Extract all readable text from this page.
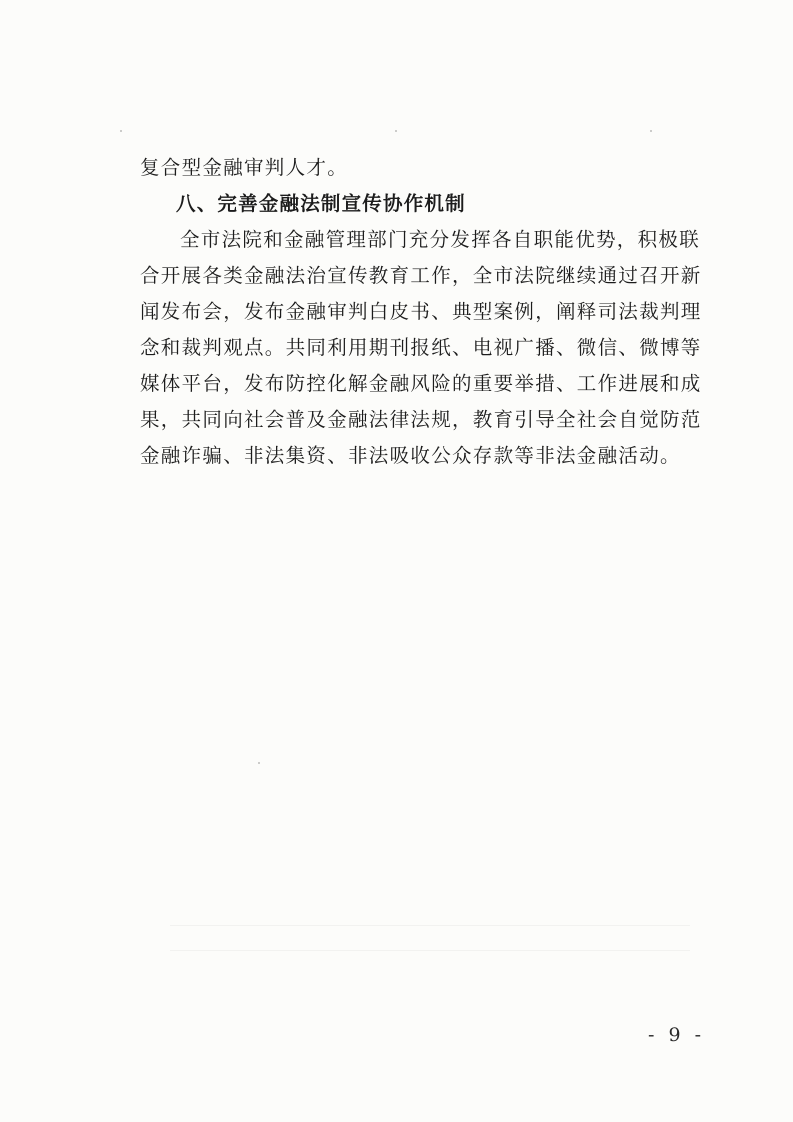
复合型金融审判人才。
八、完善金融法制宣传协作机制
全市法院和金融管理部门充分发挥各自职能优势，积极联
合开展各类金融法治宣传教育工作，全市法院继续通过召开新
闻发布会，发布金融审判白皮书、典型案例，阐释司法裁判理
念和裁判观点。共同利用期刊报纸、电视广播、微信、微博等
媒体平台，发布防控化解金融风险的重要举措、工作进展和成
果，共同向社会普及金融法律法规，教育引导全社会自觉防范
金融诈骗、非法集资、非法吸收公众存款等非法金融活动。
- 9 -
